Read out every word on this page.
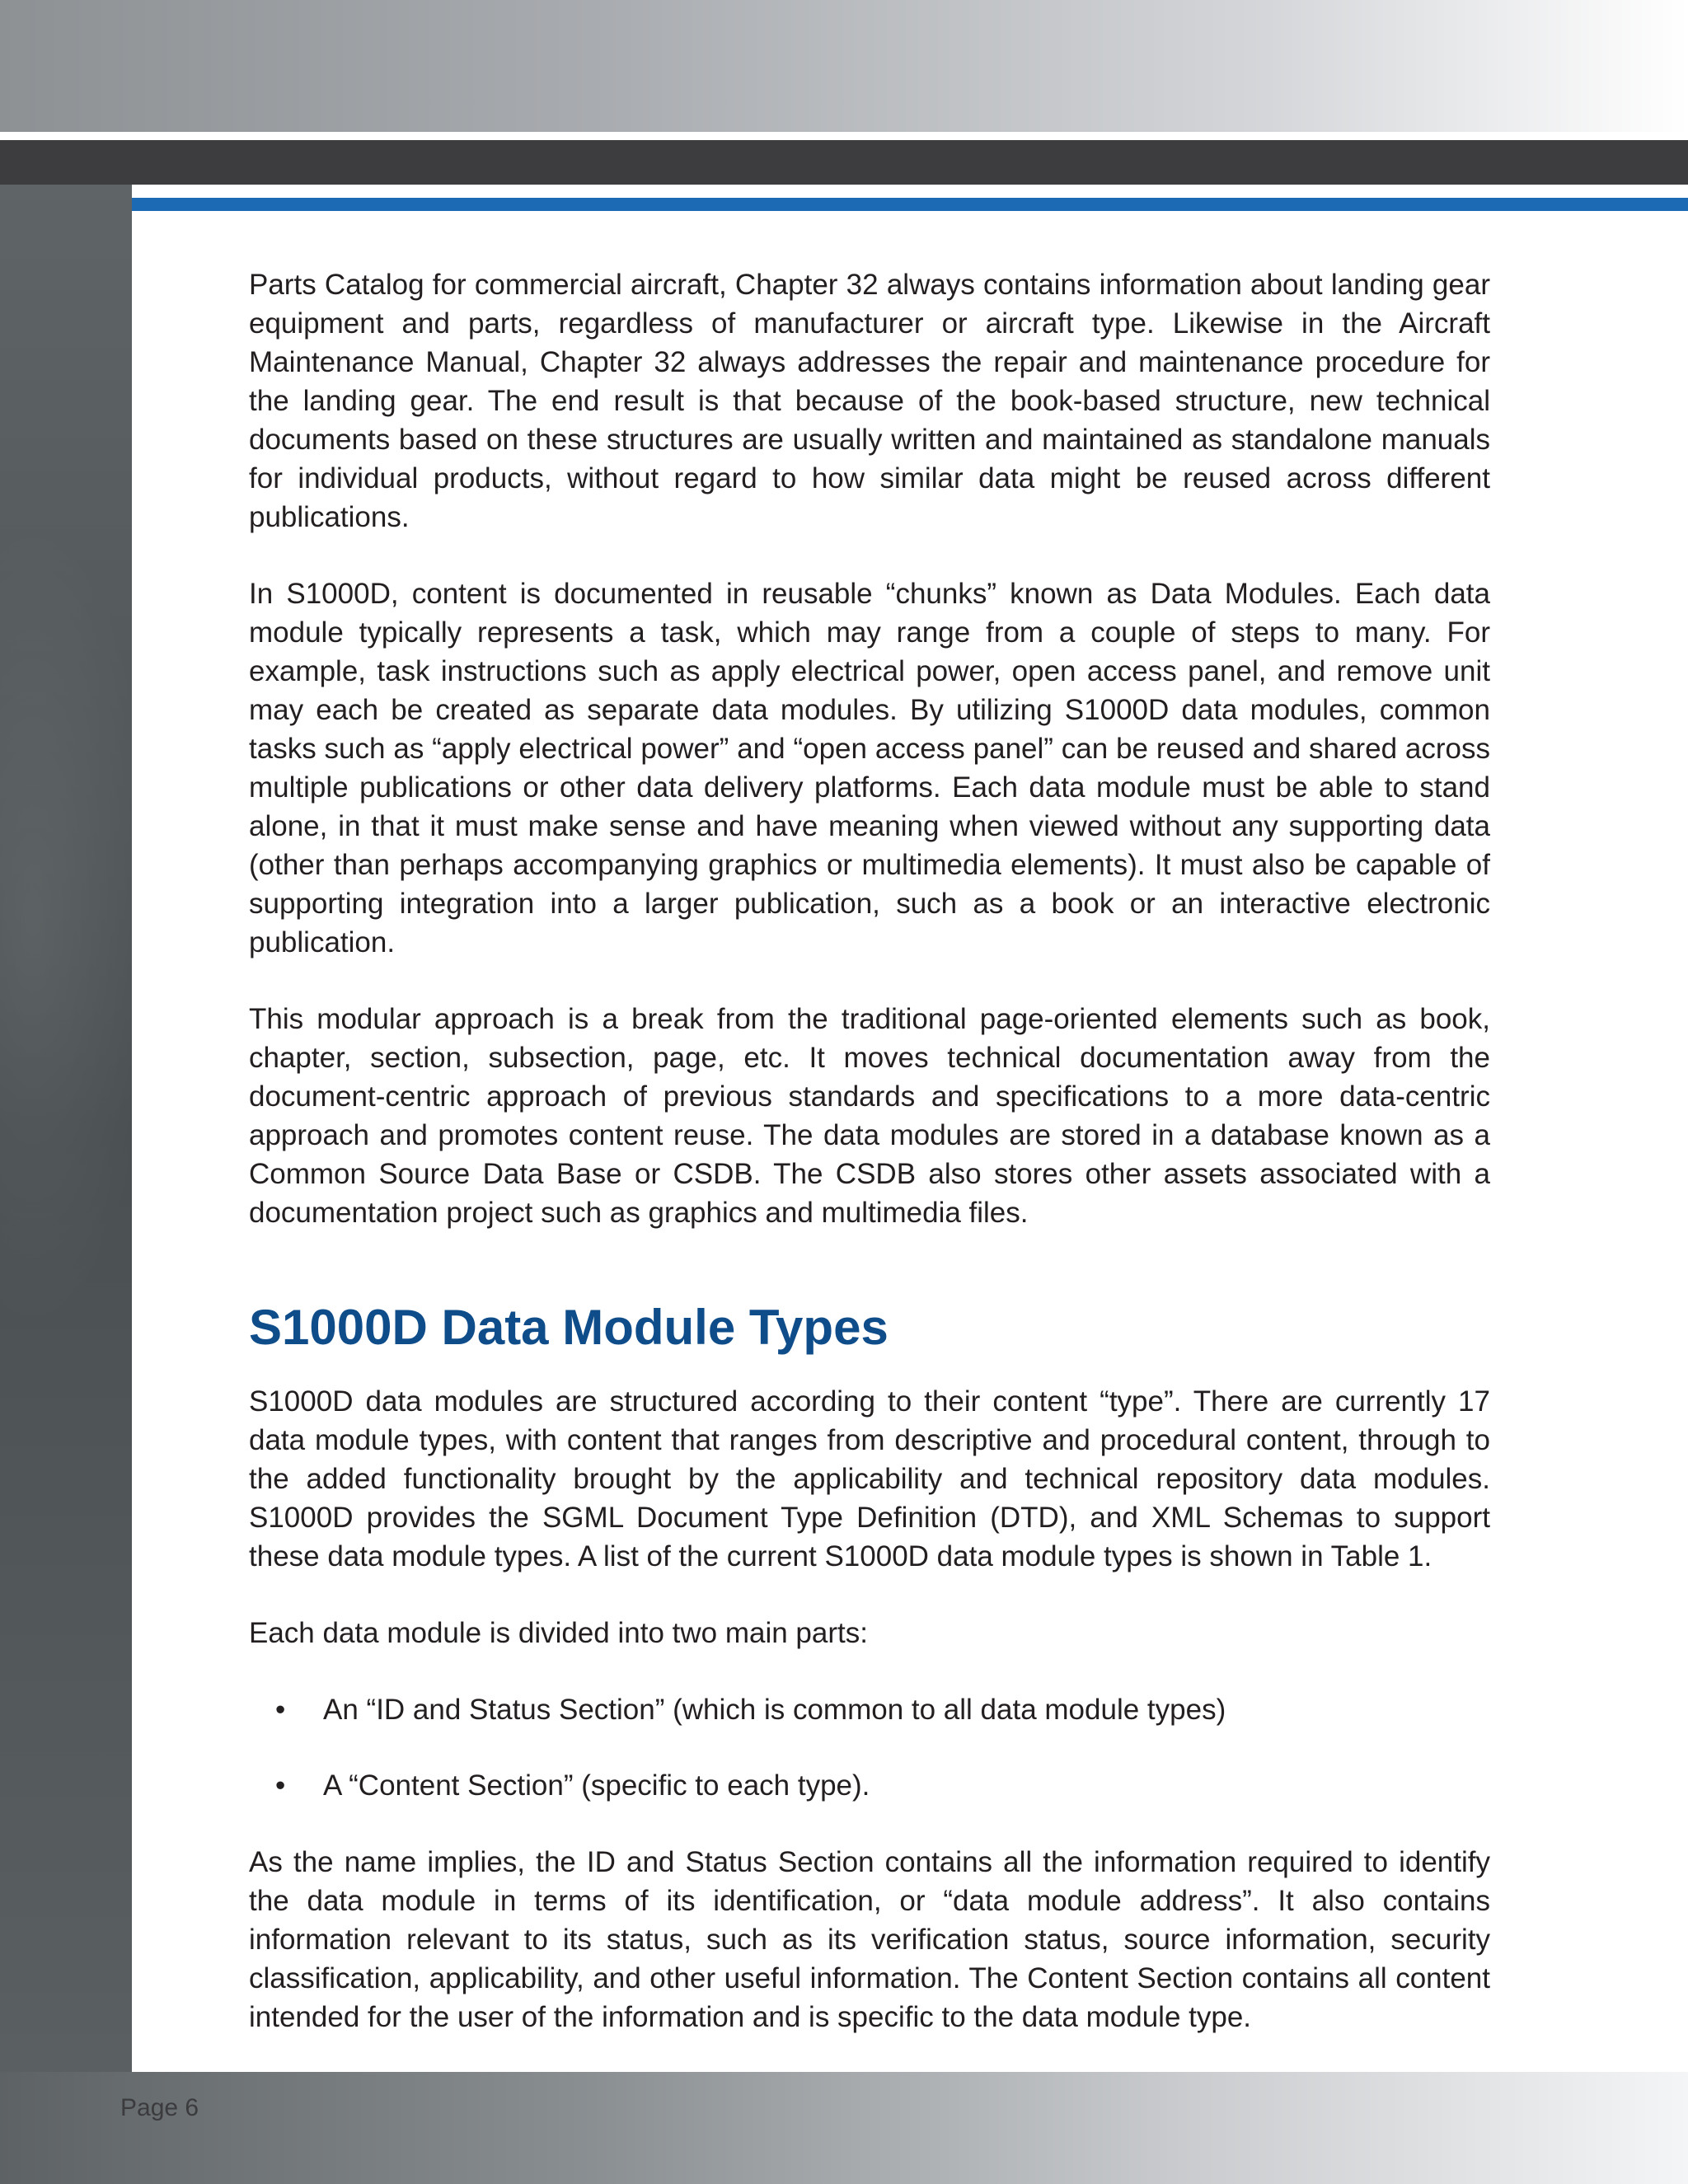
Parts Catalog for commercial aircraft, Chapter 32 always contains information about landing gear equipment and parts, regardless of manufacturer or aircraft type. Likewise in the Aircraft Maintenance Manual, Chapter 32 always addresses the repair and maintenance procedure for the landing gear. The end result is that because of the book-based structure, new technical documents based on these structures are usually written and maintained as standalone manuals for individual products, without regard to how similar data might be reused across different publications.

In S1000D, content is documented in reusable “chunks” known as Data Modules. Each data module typically represents a task, which may range from a couple of steps to many. For example, task instructions such as apply electrical power, open access panel, and remove unit may each be created as separate data modules. By utilizing S1000D data modules, common tasks such as “apply electrical power” and “open access panel” can be reused and shared across multiple publications or other data delivery platforms. Each data module must be able to stand alone, in that it must make sense and have meaning when viewed without any supporting data (other than perhaps accompanying graphics or multimedia elements). It must also be capable of supporting integration into a larger publication, such as a book or an interactive electronic publication.

This modular approach is a break from the traditional page-oriented elements such as book, chapter, section, subsection, page, etc. It moves technical documentation away from the document-centric approach of previous standards and specifications to a more data-centric approach and promotes content reuse. The data modules are stored in a database known as a Common Source Data Base or CSDB. The CSDB also stores other assets associated with a documentation project such as graphics and multimedia files.

S1000D Data Module Types

S1000D data modules are structured according to their content “type”. There are currently 17 data module types, with content that ranges from descriptive and procedural content, through to the added functionality brought by the applicability and technical repository data modules. S1000D provides the SGML Document Type Definition (DTD), and XML Schemas to support these data module types. A list of the current S1000D data module types is shown in Table 1.

Each data module is divided into two main parts:

• An “ID and Status Section” (which is common to all data module types)
• A “Content Section” (specific to each type).

As the name implies, the ID and Status Section contains all the information required to identify the data module in terms of its identification, or “data module address”. It also contains information relevant to its status, such as its verification status, source information, security classification, applicability, and other useful information. The Content Section contains all content intended for the user of the information and is specific to the data module type.

Page 6
